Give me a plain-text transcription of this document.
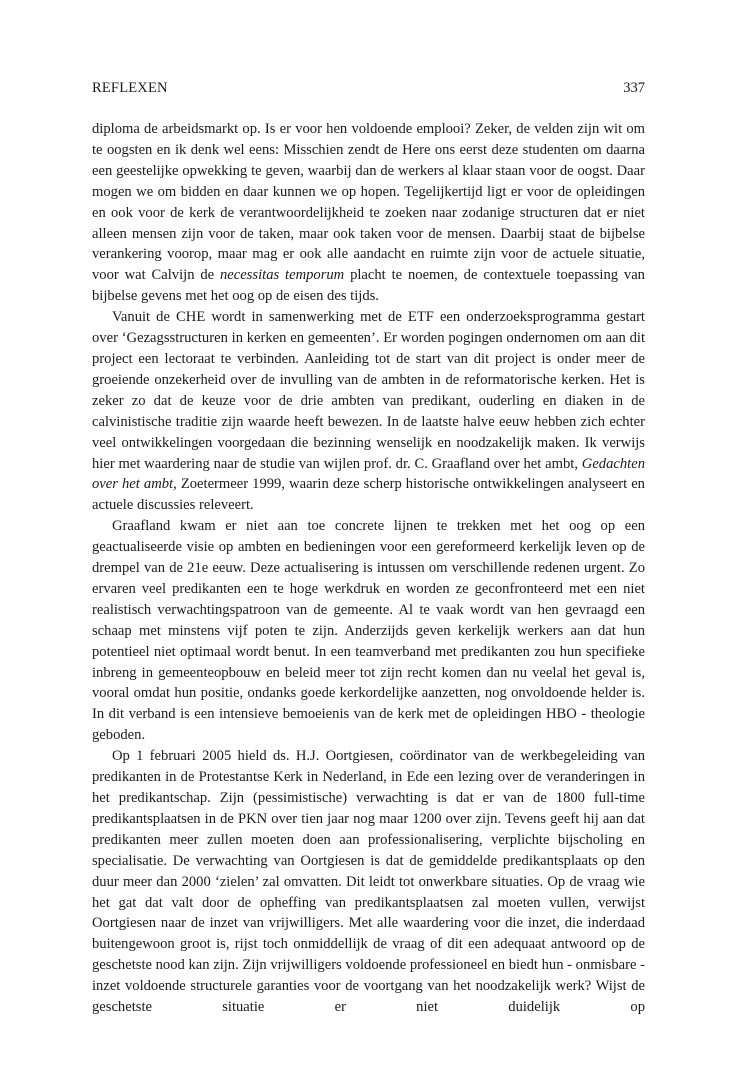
REFLEXEN	337

diploma de arbeidsmarkt op. Is er voor hen voldoende emplooi? Zeker, de velden zijn wit om te oogsten en ik denk wel eens: Misschien zendt de Here ons eerst deze studenten om daarna een geestelijke opwekking te geven, waarbij dan de werkers al klaar staan voor de oogst. Daar mogen we om bidden en daar kunnen we op hopen. Tegelijkertijd ligt er voor de opleidingen en ook voor de kerk de verantwoordelijkheid te zoeken naar zodanige structuren dat er niet alleen mensen zijn voor de taken, maar ook taken voor de mensen. Daarbij staat de bijbelse verankering voorop, maar mag er ook alle aandacht en ruimte zijn voor de actuele situatie, voor wat Calvijn de necessitas temporum placht te noemen, de contextuele toepassing van bijbelse gevens met het oog op de eisen des tijds.

Vanuit de CHE wordt in samenwerking met de ETF een onderzoeksprogramma gestart over ‘Gezagsstructuren in kerken en gemeenten’. Er worden pogingen ondernomen om aan dit project een lectoraat te verbinden. Aanleiding tot de start van dit project is onder meer de groeiende onzekerheid over de invulling van de ambten in de reformatorische kerken. Het is zeker zo dat de keuze voor de drie ambten van predikant, ouderling en diaken in de calvinistische traditie zijn waarde heeft bewezen. In de laatste halve eeuw hebben zich echter veel ontwikkelingen voorgedaan die bezinning wenselijk en noodzakelijk maken. Ik verwijs hier met waardering naar de studie van wijlen prof. dr. C. Graafland over het ambt, Gedachten over het ambt, Zoetermeer 1999, waarin deze scherp historische ontwikkelingen analyseert en actuele discussies releveert.

Graafland kwam er niet aan toe concrete lijnen te trekken met het oog op een geactualiseerde visie op ambten en bedieningen voor een gereformeerd kerkelijk leven op de drempel van de 21e eeuw. Deze actualisering is intussen om verschillende redenen urgent. Zo ervaren veel predikanten een te hoge werkdruk en worden ze geconfronteerd met een niet realistisch verwachtingspatroon van de gemeente. Al te vaak wordt van hen gevraagd een schaap met minstens vijf poten te zijn. Anderzijds geven kerkelijk werkers aan dat hun potentieel niet optimaal wordt benut. In een teamverband met predikanten zou hun specifieke inbreng in gemeenteopbouw en beleid meer tot zijn recht komen dan nu veelal het geval is, vooral omdat hun positie, ondanks goede kerkordelijke aanzetten, nog onvoldoende helder is. In dit verband is een intensieve bemoeienis van de kerk met de opleidingen HBO - theologie geboden.

Op 1 februari 2005 hield ds. H.J. Oortgiesen, coördinator van de werkbegeleiding van predikanten in de Protestantse Kerk in Nederland, in Ede een lezing over de veranderingen in het predikantschap. Zijn (pessimistische) verwachting is dat er van de 1800 full-time predikantsplaatsen in de PKN over tien jaar nog maar 1200 over zijn. Tevens geeft hij aan dat predikanten meer zullen moeten doen aan professionalisering, verplichte bijscholing en specialisatie. De verwachting van Oortgiesen is dat de gemiddelde predikantsplaats op den duur meer dan 2000 ‘zielen’ zal omvatten. Dit leidt tot onwerkbare situaties. Op de vraag wie het gat dat valt door de opheffing van predikantsplaatsen zal moeten vullen, verwijst Oortgiesen naar de inzet van vrijwilligers. Met alle waardering voor die inzet, die inderdaad buitengewoon groot is, rijst toch onmiddellijk de vraag of dit een adequaat antwoord op de geschetste nood kan zijn. Zijn vrijwilligers voldoende professioneel en biedt hun - onmisbare - inzet voldoende structurele garanties voor de voortgang van het noodzakelijk werk? Wijst de geschetste situatie er niet duidelijk op
